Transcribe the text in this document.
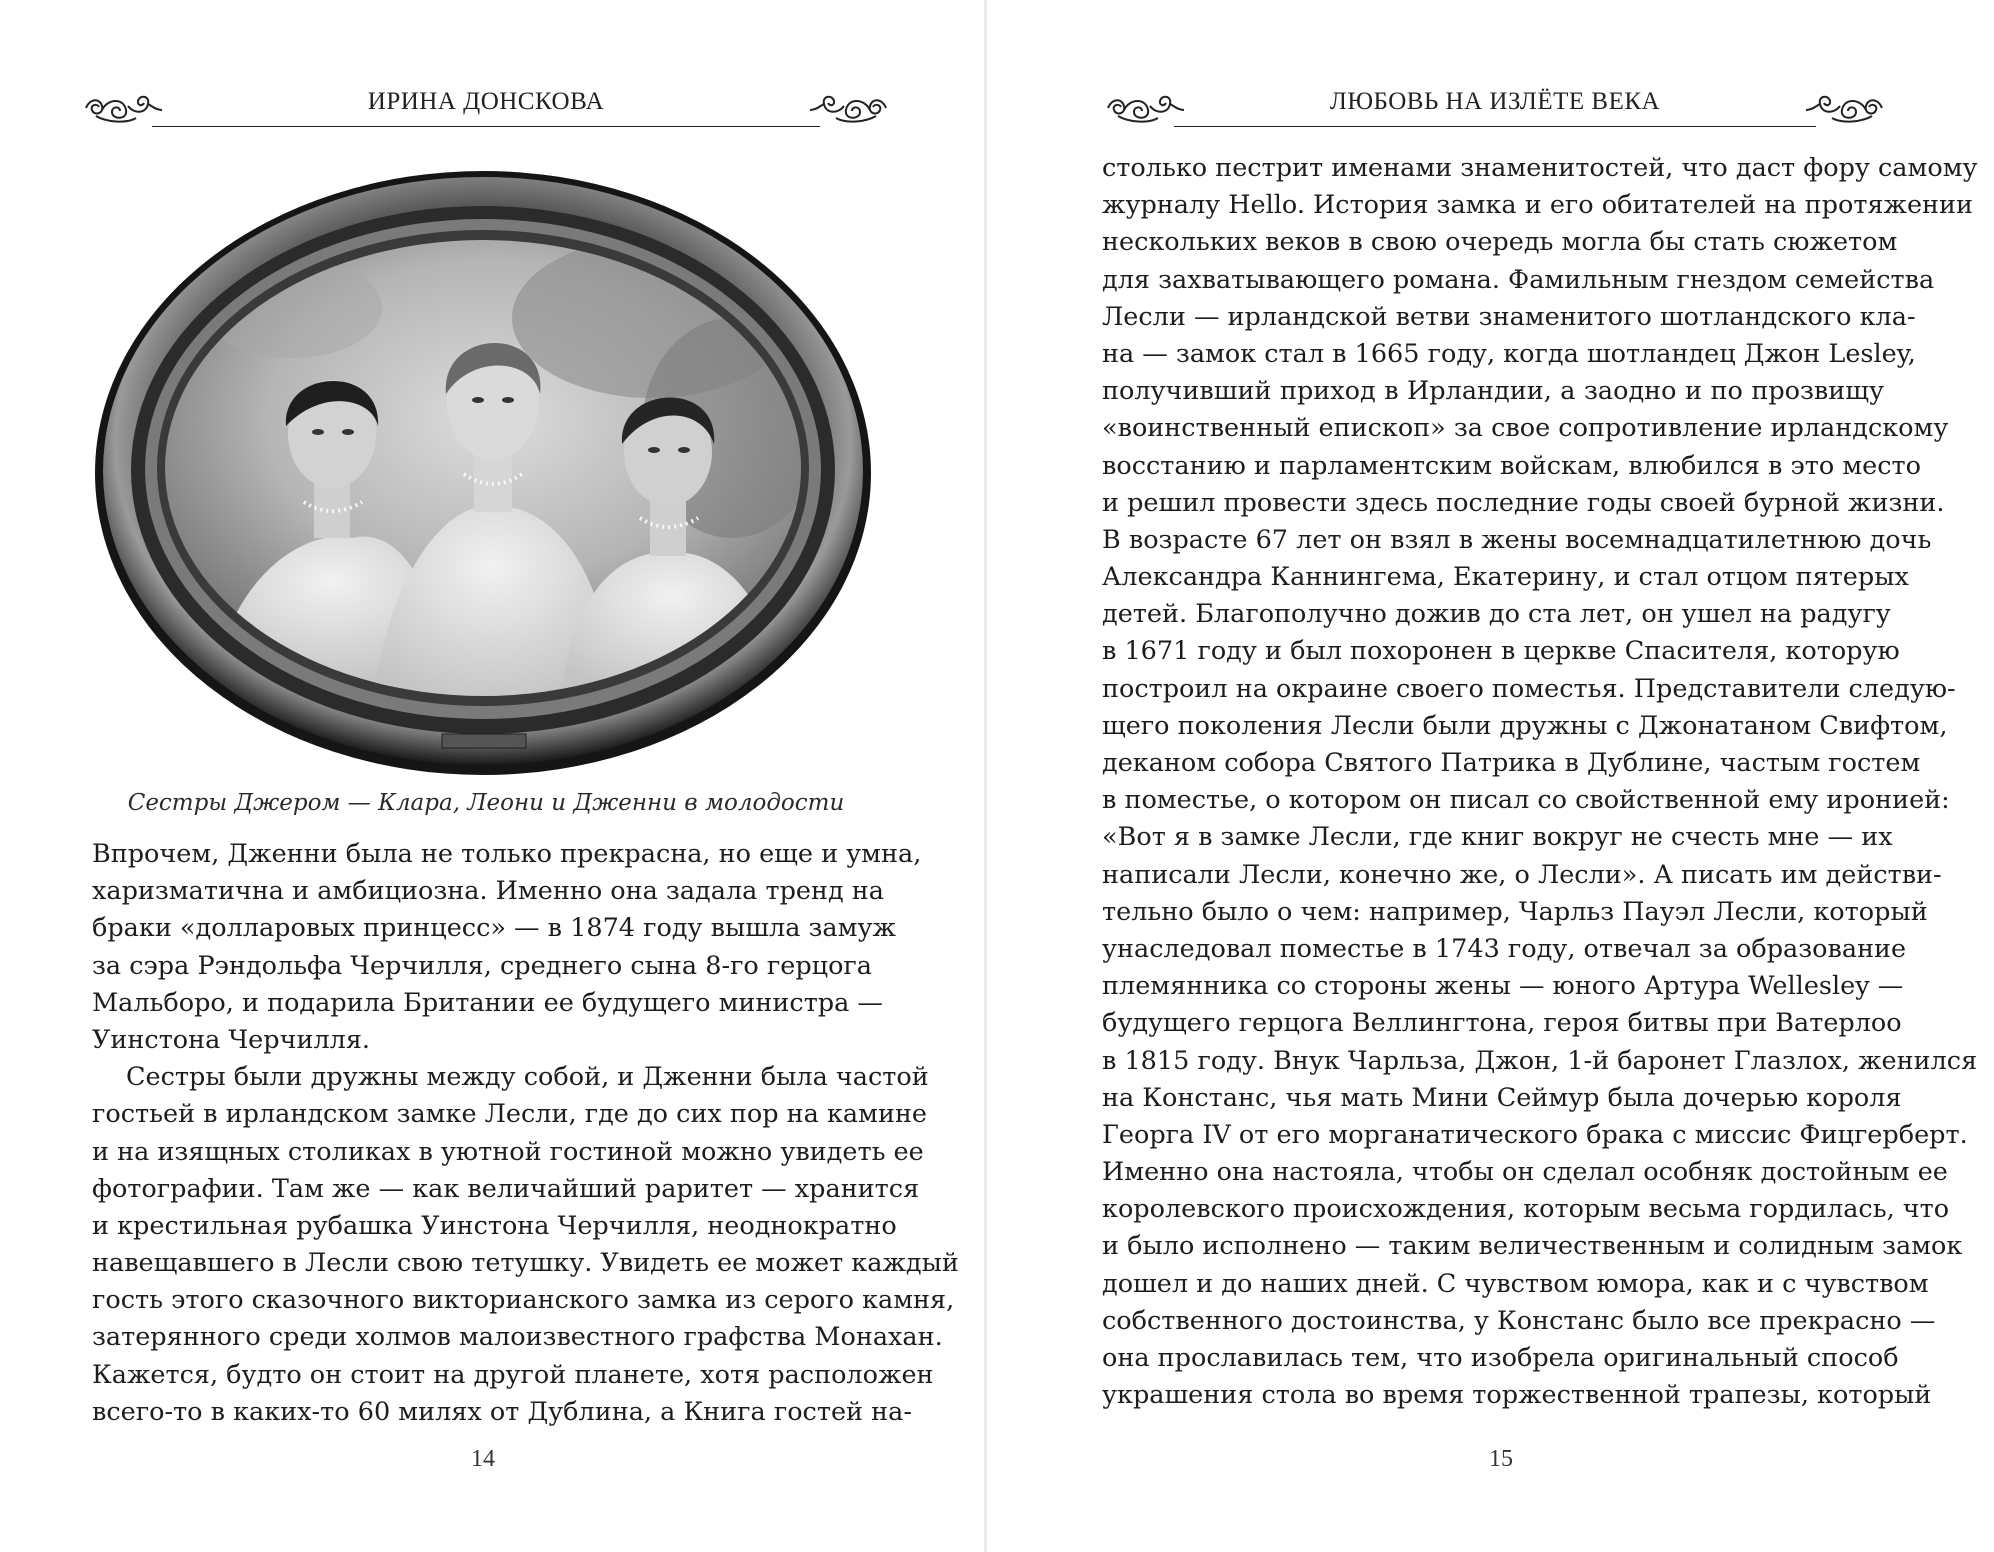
ИРИНА ДОНСКОВА
Сестры Джером — Клара, Леони и Дженни в молодости
Впрочем, Дженни была не только прекрасна, но еще и умна,
харизматична и амбициозна. Именно она задала тренд на
браки «долларовых принцесс» — в 1874 году вышла замуж
за сэра Рэндольфа Черчилля, среднего сына 8-го герцога
Мальборо, и подарила Британии ее будущего министра —
Уинстона Черчилля.
Сестры были дружны между собой, и Дженни была частой
гостьей в ирландском замке Лесли, где до сих пор на камине
и на изящных столиках в уютной гостиной можно увидеть ее
фотографии. Там же — как величайший раритет — хранится
и крестильная рубашка Уинстона Черчилля, неоднократно
навещавшего в Лесли свою тетушку. Увидеть ее может каждый
гость этого сказочного викторианского замка из серого камня,
затерянного среди холмов малоизвестного графства Монахан.
Кажется, будто он стоит на другой планете, хотя расположен
всего-то в каких-то 60 милях от Дублина, а Книга гостей на-
14
ЛЮБОВЬ НА ИЗЛЁТЕ ВЕКА
столько пестрит именами знаменитостей, что даст фору самому
журналу Hello. История замка и его обитателей на протяжении
нескольких веков в свою очередь могла бы стать сюжетом
для захватывающего романа. Фамильным гнездом семейства
Лесли — ирландской ветви знаменитого шотландского кла-
на — замок стал в 1665 году, когда шотландец Джон Lesley,
получивший приход в Ирландии, а заодно и по прозвищу
«воинственный епископ» за свое сопротивление ирландскому
восстанию и парламентским войскам, влюбился в это место
и решил провести здесь последние годы своей бурной жизни.
В возрасте 67 лет он взял в жены восемнадцатилетнюю дочь
Александра Каннингема, Екатерину, и стал отцом пятерых
детей. Благополучно дожив до ста лет, он ушел на радугу
в 1671 году и был похоронен в церкве Спасителя, которую
построил на окраине своего поместья. Представители следую-
щего поколения Лесли были дружны с Джонатаном Свифтом,
деканом собора Святого Патрика в Дублине, частым гостем
в поместье, о котором он писал со свойственной ему иронией:
«Вот я в замке Лесли, где книг вокруг не счесть мне — их
написали Лесли, конечно же, о Лесли». А писать им действи-
тельно было о чем: например, Чарльз Пауэл Лесли, который
унаследовал поместье в 1743 году, отвечал за образование
племянника со стороны жены — юного Артура Wellesley —
будущего герцога Веллингтона, героя битвы при Ватерлоо
в 1815 году. Внук Чарльза, Джон, 1-й баронет Глазлох, женился
на Констанс, чья мать Мини Сеймур была дочерью короля
Георга IV от его морганатического брака с миссис Фицгерберт.
Именно она настояла, чтобы он сделал особняк достойным ее
королевского происхождения, которым весьма гордилась, что
и было исполнено — таким величественным и солидным замок
дошел и до наших дней. С чувством юмора, как и с чувством
собственного достоинства, у Констанс было все прекрасно —
она прославилась тем, что изобрела оригинальный способ
украшения стола во время торжественной трапезы, который
15
